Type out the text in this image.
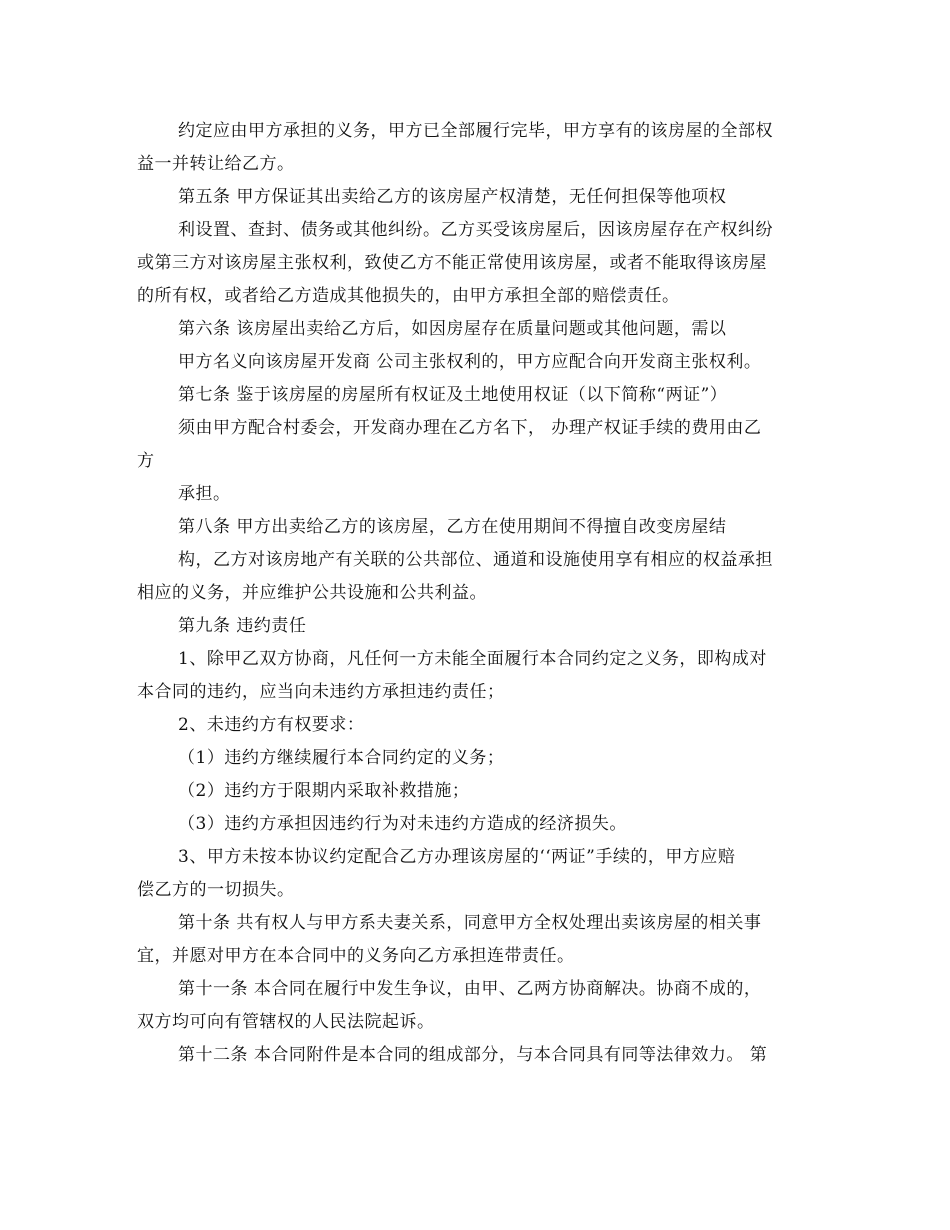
约定应由甲方承担的义务，甲方已全部履行完毕，甲方享有的该房屋的全部权
益一并转让给乙方。
第五条 甲方保证其出卖给乙方的该房屋产权清楚，无任何担保等他项权
利设置、查封、债务或其他纠纷。乙方买受该房屋后，因该房屋存在产权纠纷
或第三方对该房屋主张权利，致使乙方不能正常使用该房屋，或者不能取得该房屋
的所有权，或者给乙方造成其他损失的，由甲方承担全部的赔偿责任。
第六条 该房屋出卖给乙方后，如因房屋存在质量问题或其他问题，需以
甲方名义向该房屋开发商 公司主张权利的，甲方应配合向开发商主张权利。
第七条 鉴于该房屋的房屋所有权证及土地使用权证（以下简称“两证”）
须由甲方配合村委会，开发商办理在乙方名下， 办理产权证手续的费用由乙
方
承担。
第八条 甲方出卖给乙方的该房屋，乙方在使用期间不得擅自改变房屋结
构，乙方对该房地产有关联的公共部位、通道和设施使用享有相应的权益承担
相应的义务，并应维护公共设施和公共利益。
第九条 违约责任
1、除甲乙双方协商，凡任何一方未能全面履行本合同约定之义务，即构成对
本合同的违约，应当向未违约方承担违约责任；
2、未违约方有权要求：
（1）违约方继续履行本合同约定的义务；
（2）违约方于限期内采取补救措施；
（3）违约方承担因违约行为对未违约方造成的经济损失。
3、甲方未按本协议约定配合乙方办理该房屋的‘‘两证”手续的，甲方应赔
偿乙方的一切损失。
第十条 共有权人与甲方系夫妻关系，同意甲方全权处理出卖该房屋的相关事
宜，并愿对甲方在本合同中的义务向乙方承担连带责任。
第十一条 本合同在履行中发生争议，由甲、乙两方协商解决。协商不成的，
双方均可向有管辖权的人民法院起诉。
第十二条 本合同附件是本合同的组成部分，与本合同具有同等法律效力。 第
